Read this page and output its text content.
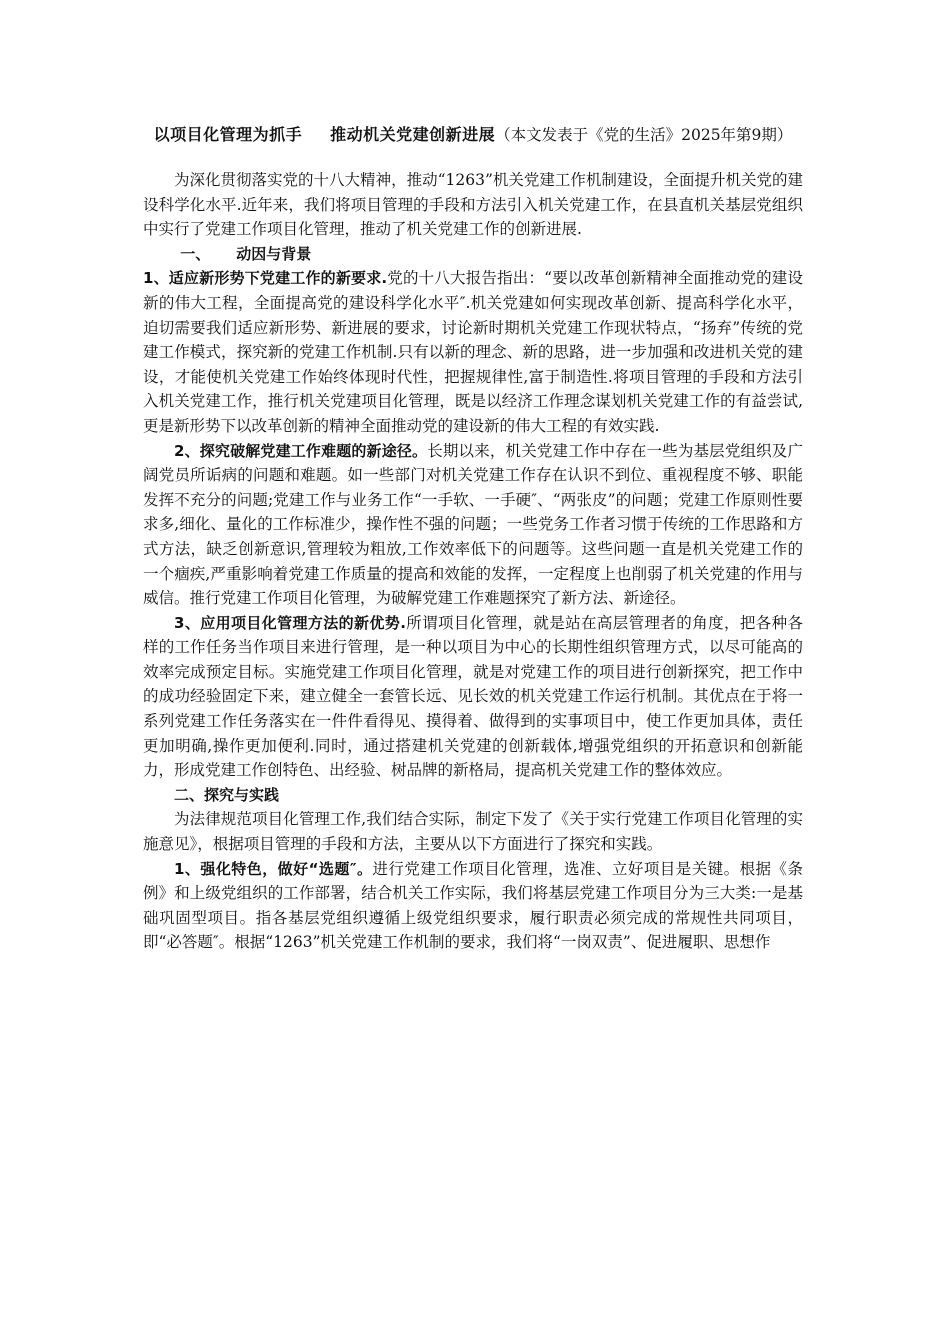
以项目化管理为抓手 推动机关党建创新进展（本文发表于《党的生活》2025年第9期）

为深化贯彻落实党的十八大精神，推动“1263”机关党建工作机制建设，全面提升机关党的建设科学化水平.近年来，我们将项目管理的手段和方法引入机关党建工作，在县直机关基层党组织中实行了党建工作项目化管理，推动了机关党建工作的创新进展.

一、 动因与背景

1、适应新形势下党建工作的新要求.党的十八大报告指出：“要以改革创新精神全面推动党的建设新的伟大工程，全面提高党的建设科学化水平″.机关党建如何实现改革创新、提高科学化水平，迫切需要我们适应新形势、新进展的要求，讨论新时期机关党建工作现状特点，“扬弃”传统的党建工作模式，探究新的党建工作机制.只有以新的理念、新的思路，进一步加强和改进机关党的建设，才能使机关党建工作始终体现时代性，把握规律性,富于制造性.将项目管理的手段和方法引入机关党建工作，推行机关党建项目化管理，既是以经济工作理念谋划机关党建工作的有益尝试,更是新形势下以改革创新的精神全面推动党的建设新的伟大工程的有效实践.

2、探究破解党建工作难题的新途径。长期以来，机关党建工作中存在一些为基层党组织及广阔党员所诟病的问题和难题。如一些部门对机关党建工作存在认识不到位、重视程度不够、职能发挥不充分的问题;党建工作与业务工作“一手软、一手硬″、“两张皮”的问题；党建工作原则性要求多,细化、量化的工作标准少，操作性不强的问题；一些党务工作者习惯于传统的工作思路和方式方法，缺乏创新意识,管理较为粗放,工作效率低下的问题等。这些问题一直是机关党建工作的一个痼疾,严重影响着党建工作质量的提高和效能的发挥，一定程度上也削弱了机关党建的作用与威信。推行党建工作项目化管理，为破解党建工作难题探究了新方法、新途径。

3、应用项目化管理方法的新优势.所谓项目化管理，就是站在高层管理者的角度，把各种各样的工作任务当作项目来进行管理，是一种以项目为中心的长期性组织管理方式，以尽可能高的效率完成预定目标。实施党建工作项目化管理，就是对党建工作的项目进行创新探究，把工作中的成功经验固定下来，建立健全一套管长远、见长效的机关党建工作运行机制。其优点在于将一系列党建工作任务落实在一件件看得见、摸得着、做得到的实事项目中，使工作更加具体，责任更加明确,操作更加便利.同时，通过搭建机关党建的创新载体,增强党组织的开拓意识和创新能力，形成党建工作创特色、出经验、树品牌的新格局，提高机关党建工作的整体效应。

二、探究与实践

为法律规范项目化管理工作,我们结合实际，制定下发了《关于实行党建工作项目化管理的实施意见》，根据项目管理的手段和方法，主要从以下方面进行了探究和实践。

1、强化特色，做好“选题″。进行党建工作项目化管理，选准、立好项目是关键。根据《条例》和上级党组织的工作部署，结合机关工作实际，我们将基层党建工作项目分为三大类:一是基础巩固型项目。指各基层党组织遵循上级党组织要求，履行职责必须完成的常规性共同项目，即“必答题″。根据“1263”机关党建工作机制的要求，我们将“一岗双责”、促进履职、思想作
